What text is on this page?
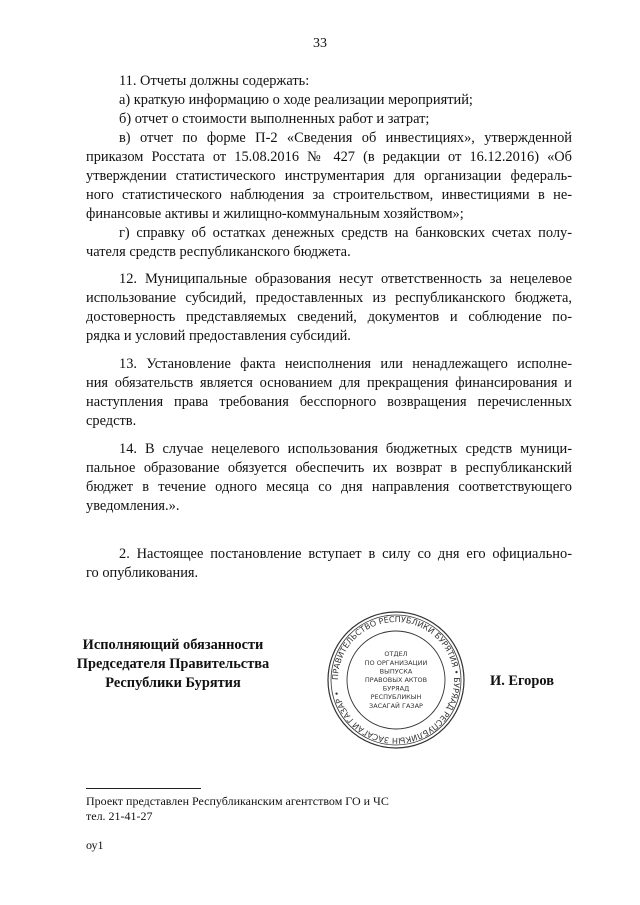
33
11. Отчеты должны содержать:
а) краткую информацию о ходе реализации мероприятий;
б) отчет о стоимости выполненных работ и затрат;
в) отчет по форме П-2 «Сведения об инвестициях», утвержденной
приказом Росстата от 15.08.2016 № 427 (в редакции от 16.12.2016) «Об
утверждении статистического инструментария для организации федераль-
ного статистического наблюдения за строительством, инвестициями в не-
финансовые активы и жилищно-коммунальным хозяйством»;
г) справку об остатках денежных средств на банковских счетах полу-
чателя средств республиканского бюджета.
12. Муниципальные образования несут ответственность за нецелевое
использование субсидий, предоставленных из республиканского бюджета,
достоверность представляемых сведений, документов и соблюдение по-
рядка и условий предоставления субсидий.
13. Установление факта неисполнения или ненадлежащего исполне-
ния обязательств является основанием для прекращения финансирования и
наступления права требования бесспорного возвращения перечисленных
средств.
14. В случае нецелевого использования бюджетных средств муници-
пальное образование обязуется обеспечить их возврат в республиканский
бюджет в течение одного месяца со дня направления соответствующего
уведомления.».
2. Настоящее постановление вступает в силу со дня его официально-
го опубликования.
Исполняющий обязанности
Председателя Правительства
Республики Бурятия	ПРАВИТЕЛЬСТВО РЕСПУБЛИКИ БУРЯТИЯ • БУРЯАД РЕСПУБЛИКЫН ЗАСАГАЙ ГАЗАР •
ОТДЕЛ
ПО ОРГАНИЗАЦИИ
ВЫПУСКА
ПРАВОВЫХ АКТОВ
БУРЯАД
РЕСПУБЛИКЫН
ЗАСАГАЙ ГАЗАР
И. Егоров
Проект представлен Республиканским агентством ГО и ЧС
тел. 21-41-27
оу1
